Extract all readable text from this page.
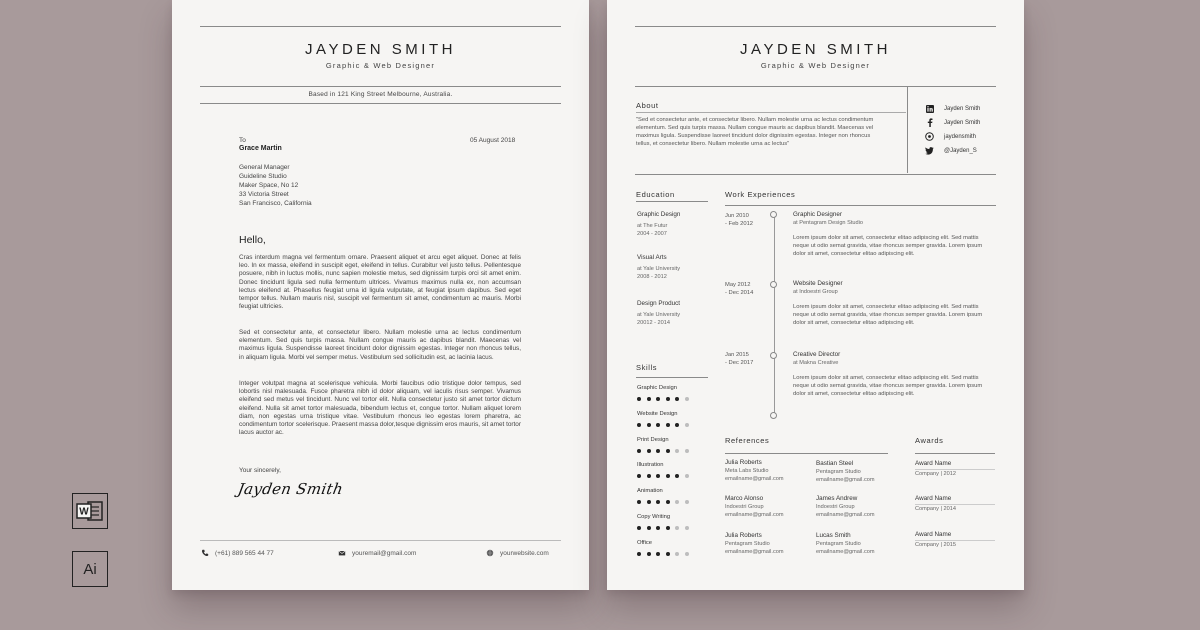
W
Ai
JAYDEN SMITH
Graphic & Web Designer
Based in 121 King Street Melbourne, Australia.
To
Grace Martin
05 August 2018
General Manager
Guideline Studio
Maker Space, No 12
33 Victoria Street
San Francisco, California
Hello,
Cras interdum magna vel fermentum ornare. Praesent aliquet et arcu eget aliquet. Donec at felis leo. In ex massa, eleifend in suscipit eget, eleifend in tellus. Curabitur vel justo tellus. Pellentesque posuere, nibh in luctus mollis, nunc sapien molestie metus, sed dignissim turpis orci sit amet enim. Donec tincidunt ligula sed nulla fermentum ultrices. Vivamus maximus nulla ex, non accumsan lectus eleifend at. Phasellus feugiat urna id ligula vulputate, at feugiat ipsum dapibus. Sed eget tempor tellus. Nullam mauris nisl, suscipit vel fermentum sit amet, condimentum ac mauris. Morbi feugiat ultricies.
Sed et consectetur ante, et consectetur libero. Nullam molestie urna ac lectus condimentum elementum. Sed quis turpis massa. Nullam congue mauris ac dapibus blandit. Maecenas vel maximus ligula. Suspendisse laoreet tincidunt dolor dignissim egestas. Integer non rhoncus tellus, in aliquam ligula. Morbi vel semper metus. Vestibulum sed sollicitudin est, ac lacinia lacus.
Integer volutpat magna at scelerisque vehicula. Morbi faucibus odio tristique dolor tempus, sed lobortis nisl malesuada. Fusce pharetra nibh id dolor aliquam, vel iaculis risus semper. Vivamus eleifend sed metus vel tincidunt. Nunc vel tortor elit. Nulla consectetur justo sit amet tortor dictum eleifend. Nulla sit amet tortor malesuada, bibendum lectus et, congue tortor. Nullam aliquet lorem diam, non egestas urna tristique vitae. Vestibulum rhoncus leo egestas lorem pharetra, ac condimentum tortor scelerisque. Praesent massa dolor,tesque dignissim eros mauris, sit amet tortor lacus auctor ac.
Your sincerely,
Jayden Smith
(+61) 889 565 44 77	youremail@gmail.com	yourwebsite.com
JAYDEN SMITH
Graphic & Web Designer
About
"Sed et consectetur ante, et consectetur libero. Nullam molestie urna ac lectus condimentum elementum. Sed quis turpis massa. Nullam congue mauris ac dapibus blandit. Maecenas vel maximus ligula. Suspendisse laoreet tincidunt dolor dignissim egestas. Integer non rhoncus tellus, et consectetur libero. Nullam molestie urna ac lectus"
Jayden Smith
Jayden Smith
jaydensmith
@Jayden_S
Education
Graphic Design
at The Futur
2004 - 2007
Visual Arts
at Yale University
2008 - 2012
Design Product
at Yale University
20012 - 2014
Skills
Graphic Design
Website Design
Print Design
Illustration
Animation
Copy Writing
Office
Work Experiences
Jun 2010
- Feb 2012
Graphic Designer
at Pentagram Design Studio
Lorem ipsum dolor sit amet, consectetur elitao adipiscing elit. Sed mattis neque ut odio semat gravida, vitae rhoncus semper gravida. Lorem ipsum dolor sit amet, consectetur elitao adipiscing elit.
May 2012
- Dec 2014
Website Designer
at Indoestri Group
Lorem ipsum dolor sit amet, consectetur elitao adipiscing elit. Sed mattis neque ut odio semat gravida, vitae rhoncus semper gravida. Lorem ipsum dolor sit amet, consectetur elitao adipiscing elit.
Jan 2015
- Dec 2017
Creative Director
at Makna Creative
Lorem ipsum dolor sit amet, consectetur elitao adipiscing elit. Sed mattis neque ut odio semat gravida, vitae rhoncus semper gravida. Lorem ipsum dolor sit amet, consectetur elitao adipiscing elit.
References
Julia Roberts
Meta Labs Studio
emailname@gmail.com
Bastian Steel
Pentagram Studio
emailname@gmail.com
Marco Alonso
Indoestri Group
emailname@gmail.com
James Andrew
Indoestri Group
emailname@gmail.com
Julia Roberts
Pentagram Studio
emailname@gmail.com
Lucas Smith
Pentagram Studio
emailname@gmail.com
Awards
Award Name
Company | 2012
Award Name
Company | 2014
Award Name
Company | 2015
